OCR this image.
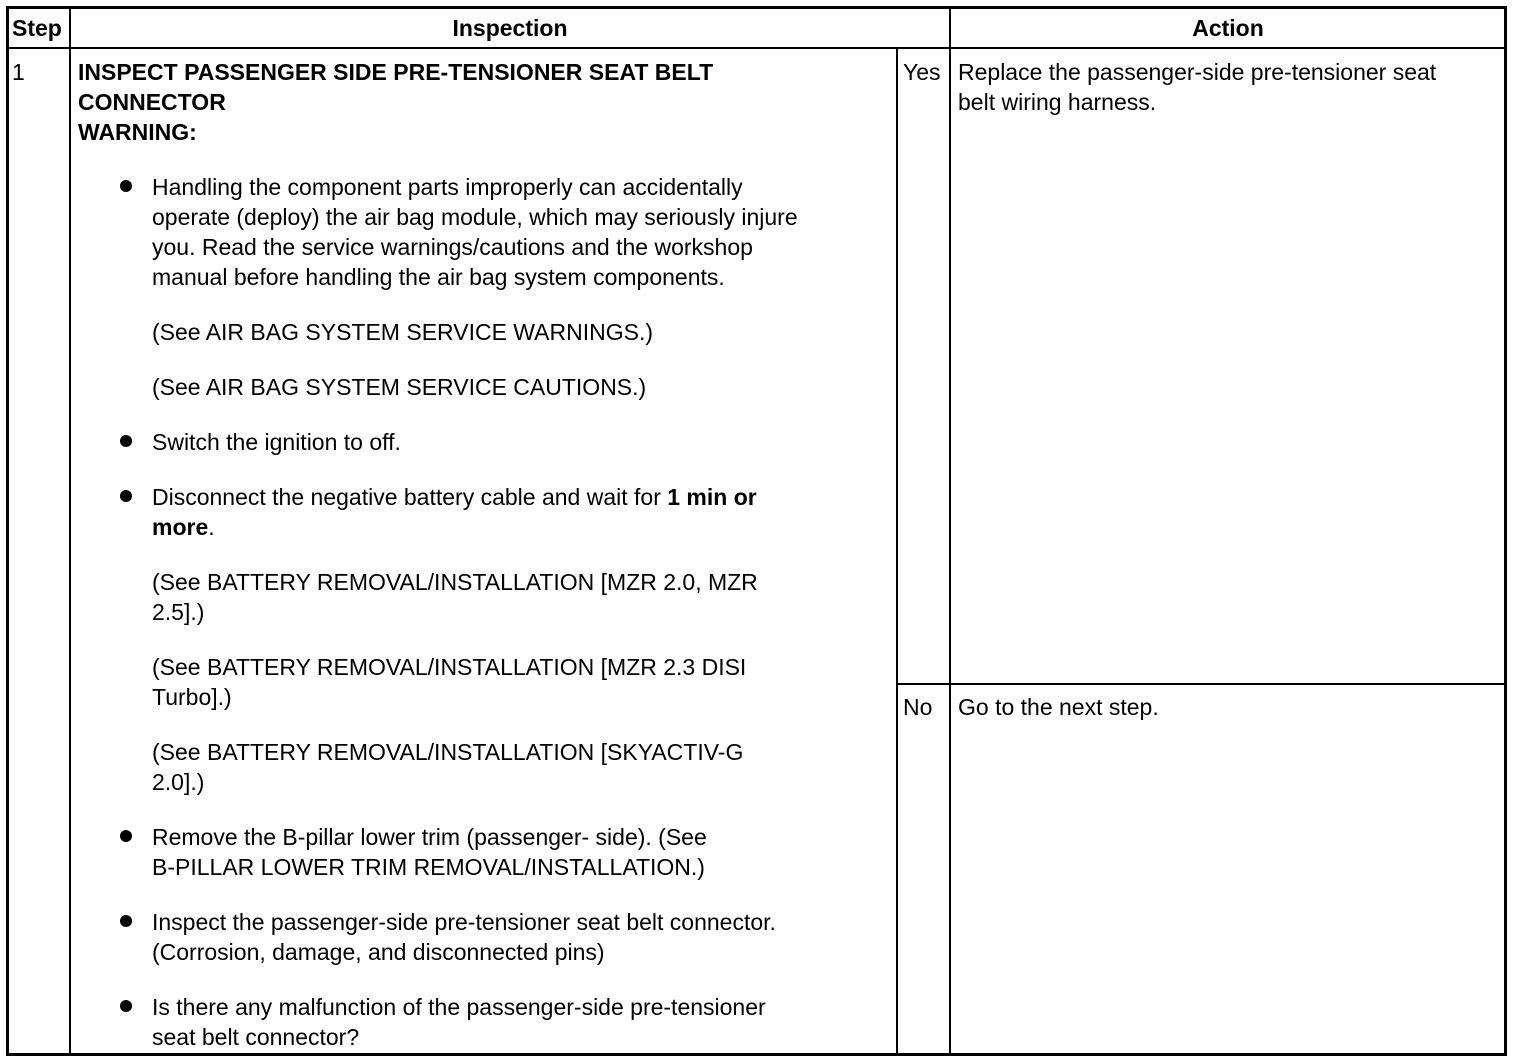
Step	Inspection	Action
1 INSPECT PASSENGER SIDE PRE-TENSIONER SEAT BELT
CONNECTOR
WARNING:
Handling the component parts improperly can accidentally
operate (deploy) the air bag module, which may seriously injure
you. Read the service warnings/cautions and the workshop
manual before handling the air bag system components.
(See AIR BAG SYSTEM SERVICE WARNINGS.)
(See AIR BAG SYSTEM SERVICE CAUTIONS.)
Switch the ignition to off.
Disconnect the negative battery cable and wait for 1 min or
more.
(See BATTERY REMOVAL/INSTALLATION [MZR 2.0, MZR
2.5].)
(See BATTERY REMOVAL/INSTALLATION [MZR 2.3 DISI
Turbo].)
(See BATTERY REMOVAL/INSTALLATION [SKYACTIV-G
2.0].)
Remove the B-pillar lower trim (passenger- side). (See
B-PILLAR LOWER TRIM REMOVAL/INSTALLATION.)
Inspect the passenger-side pre-tensioner seat belt connector.
(Corrosion, damage, and disconnected pins)
Is there any malfunction of the passenger-side pre-tensioner
seat belt connector?
Yes Replace the passenger-side pre-tensioner seat
belt wiring harness.
No Go to the next step.
